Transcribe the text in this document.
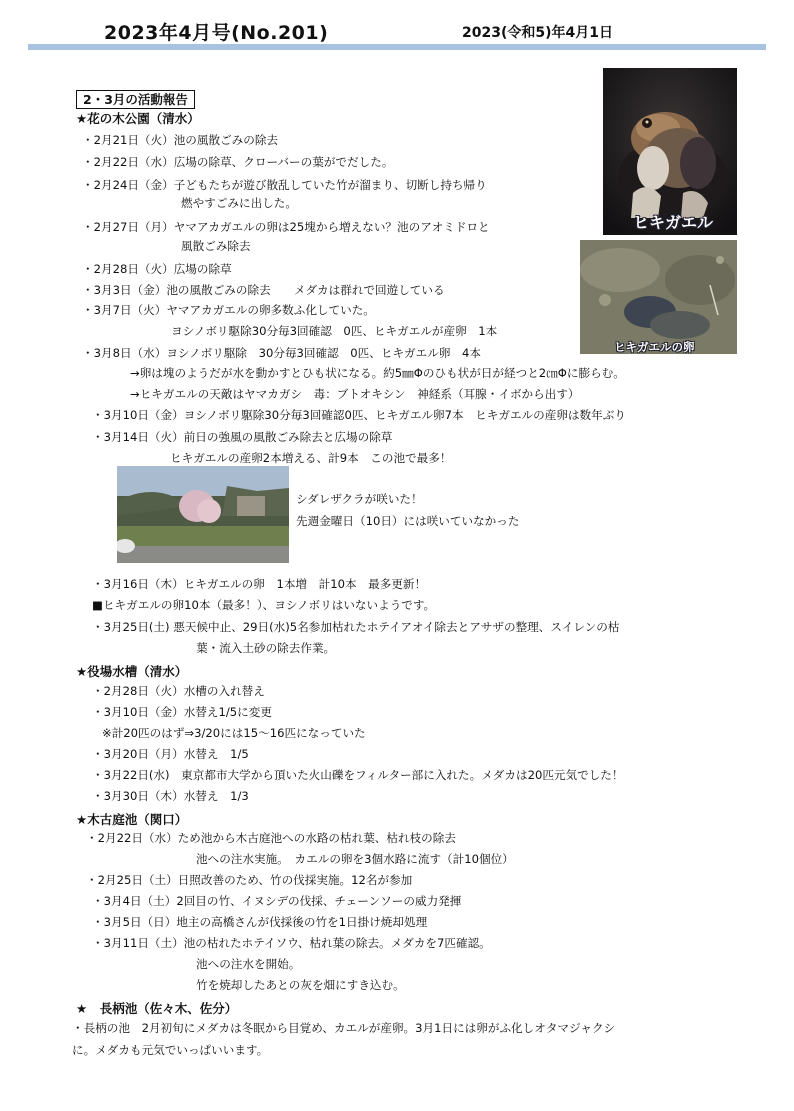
2023年4月号(No.201)	2023(令和5)年4月1日
2・3月の活動報告
ヒキガエル
ヒキガエルの卵
★花の木公園（清水）
・2月21日（火）池の風散ごみの除去
・2月22日（水）広場の除草、クローバーの葉がでだした。
・2月24日（金）子どもたちが遊び散乱していた竹が溜まり、切断し持ち帰り
燃やすごみに出した。
・2月27日（月）ヤマアカガエルの卵は25塊から増えない？池のアオミドロと
風散ごみ除去
・2月28日（火）広場の除草
・3月3日（金）池の風散ごみの除去　　メダカは群れで回遊している
・3月7日（火）ヤマアカガエルの卵多数ふ化していた。
ヨシノボリ駆除30分毎3回確認　0匹、ヒキガエルが産卵　1本
・3月8日（水）ヨシノボリ駆除　30分毎3回確認　0匹、ヒキガエル卵　4本
→卵は塊のようだが水を動かすとひも状になる。約5㎜Φのひも状が日が経つと2㎝Φに膨らむ。
→ヒキガエルの天敵はヤマカガシ　毒：ブトオキシン　神経系（耳腺・イボから出す）
・3月10日（金）ヨシノボリ駆除30分毎3回確認0匹、ヒキガエル卵7本　ヒキガエルの産卵は数年ぶり
・3月14日（火）前日の強風の風散ごみ除去と広場の除草
ヒキガエルの産卵2本増える、計9本　この池で最多！
シダレザクラが咲いた！
先週金曜日（10日）には咲いていなかった
・3月16日（木）ヒキガエルの卵　1本増　計10本　最多更新！
■ヒキガエルの卵10本（最多！）、ヨシノボリはいないようです。
・3月25日(土) 悪天候中止、29日(水)5名参加枯れたホテイアオイ除去とアサザの整理、スイレンの枯
葉・流入土砂の除去作業。
★役場水槽（清水）
・2月28日（火）水槽の入れ替え
・3月10日（金）水替え1/5に変更
※計20匹のはず⇒3/20には15～16匹になっていた
・3月20日（月）水替え　1/5
・3月22日(水)　東京都市大学から頂いた火山礫をフィルター部に入れた。メダカは20匹元気でした！
・3月30日（木）水替え　1/3
★木古庭池（関口）
・2月22日（水）ため池から木古庭池への水路の枯れ葉、枯れ枝の除去
池への注水実施。　カエルの卵を3個水路に流す（計10個位）
・2月25日（土）日照改善のため、竹の伐採実施。12名が参加
・3月4日（土）2回目の竹、イヌシデの伐採、チェーンソーの威力発揮
・3月5日（日）地主の高橋さんが伐採後の竹を1日掛け焼却処理
・3月11日（土）池の枯れたホテイソウ、枯れ葉の除去。メダカを7匹確認。
池への注水を開始。
竹を焼却したあとの灰を畑にすき込む。
★　長柄池（佐々木、佐分）
・長柄の池　2月初旬にメダカは冬眠から目覚め、カエルが産卵。3月1日には卵がふ化しオタマジャクシ
に。メダカも元気でいっぱいいます。
